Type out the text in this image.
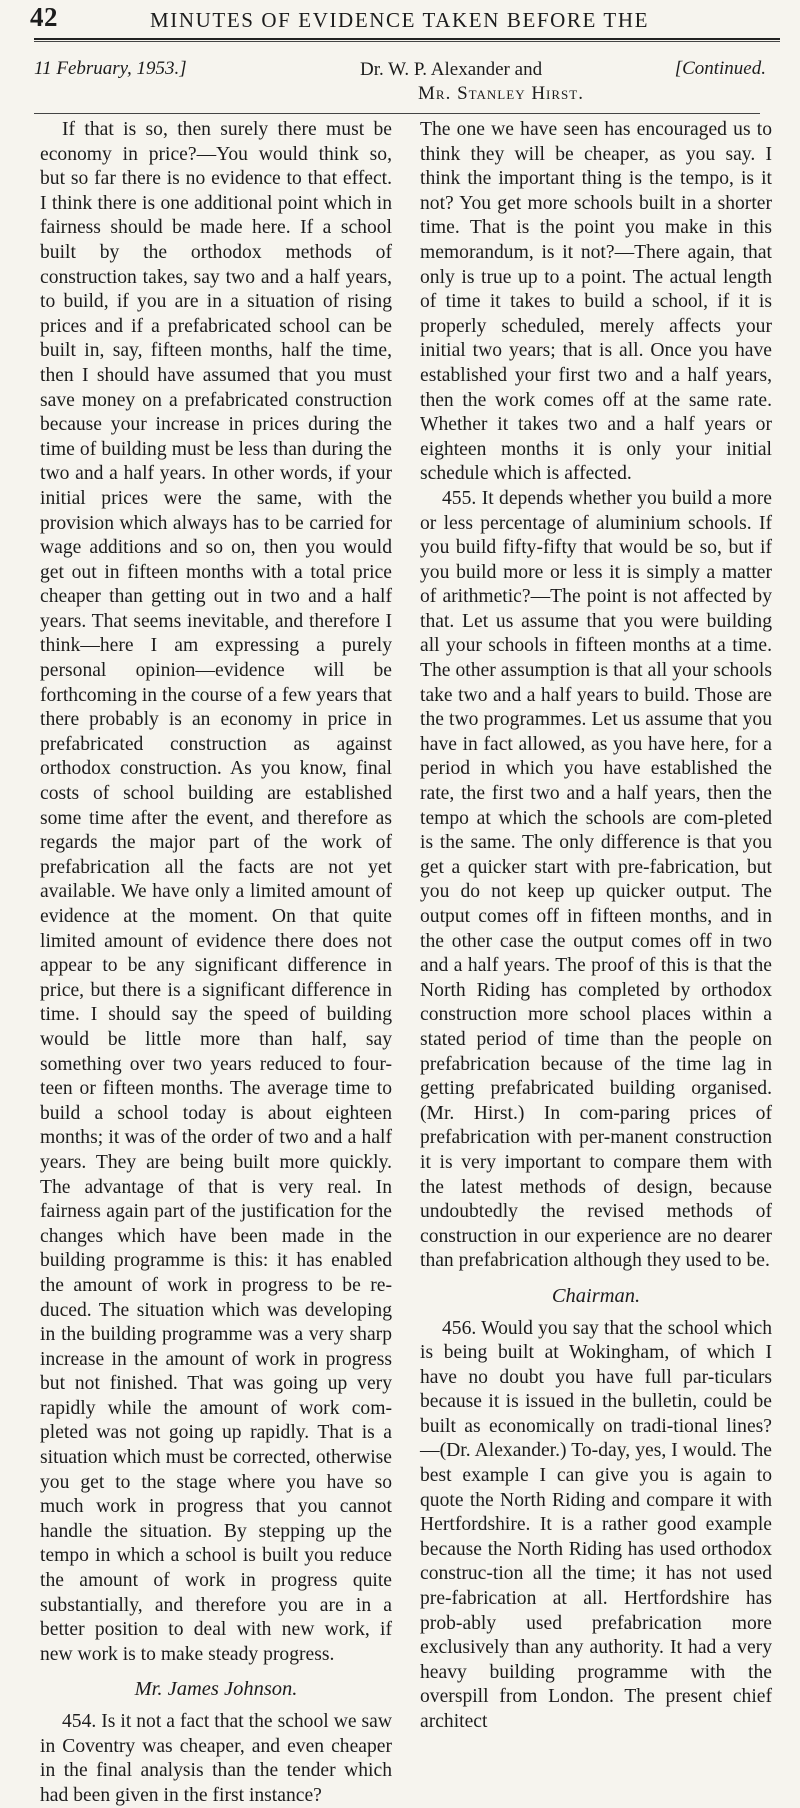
42	MINUTES OF EVIDENCE TAKEN BEFORE THE
11 February, 1953.]	Dr. W. P. Alexander and
Mr. Stanley Hirst.
[Continued.

If that is so, then surely there must be economy in price?—You would think so, but so far there is no evidence to that effect. I think there is one additional point which in fairness should be made here. If a school built by the orthodox methods of construction takes, say two and a half years, to build, if you are in a situation of rising prices and if a prefabricated school can be built in, say, fifteen months, half the time, then I should have assumed that you must save money on a prefabricated construction because your increase in prices during the time of building must be less than during the two and a half years. In other words, if your initial prices were the same, with the provision which always has to be carried for wage additions and so on, then you would get out in fifteen months with a total price cheaper than getting out in two and a half years. That seems inevitable, and therefore I think—here I am expressing a purely personal opinion—evidence will be forthcoming in the course of a few years that there probably is an economy in price in prefabricated construction as against orthodox construction. As you know, final costs of school building are established some time after the event, and therefore as regards the major part of the work of prefabrication all the facts are not yet available. We have only a limited amount of evidence at the moment. On that quite limited amount of evidence there does not appear to be any significant difference in price, but there is a significant difference in time. I should say the speed of building would be little more than half, say something over two years reduced to four-teen or fifteen months. The average time to build a school today is about eighteen months; it was of the order of two and a half years. They are being built more quickly. The advantage of that is very real. In fairness again part of the justification for the changes which have been made in the building programme is this: it has enabled the amount of work in progress to be re-duced. The situation which was developing in the building programme was a very sharp increase in the amount of work in progress but not finished. That was going up very rapidly while the amount of work com-pleted was not going up rapidly. That is a situation which must be corrected, otherwise you get to the stage where you have so much work in progress that you cannot handle the situation. By stepping up the tempo in which a school is built you reduce the amount of work in progress quite substantially, and therefore you are in a better position to deal with new work, if new work is to make steady progress.

Mr. James Johnson.

454. Is it not a fact that the school we saw in Coventry was cheaper, and even cheaper in the final analysis than the tender which had been given in the first instance?

The one we have seen has encouraged us to think they will be cheaper, as you say. I think the important thing is the tempo, is it not? You get more schools built in a shorter time. That is the point you make in this memorandum, is it not?—There again, that only is true up to a point. The actual length of time it takes to build a school, if it is properly scheduled, merely affects your initial two years; that is all. Once you have established your first two and a half years, then the work comes off at the same rate. Whether it takes two and a half years or eighteen months it is only your initial schedule which is affected.

455. It depends whether you build a more or less percentage of aluminium schools. If you build fifty-fifty that would be so, but if you build more or less it is simply a matter of arithmetic?—The point is not affected by that. Let us assume that you were building all your schools in fifteen months at a time. The other assumption is that all your schools take two and a half years to build. Those are the two programmes. Let us assume that you have in fact allowed, as you have here, for a period in which you have established the rate, the first two and a half years, then the tempo at which the schools are com-pleted is the same. The only difference is that you get a quicker start with pre-fabrication, but you do not keep up quicker output. The output comes off in fifteen months, and in the other case the output comes off in two and a half years. The proof of this is that the North Riding has completed by orthodox construction more school places within a stated period of time than the people on prefabrication because of the time lag in getting prefabricated building organised. (Mr. Hirst.) In com-paring prices of prefabrication with per-manent construction it is very important to compare them with the latest methods of design, because undoubtedly the revised methods of construction in our experience are no dearer than prefabrication although they used to be.

Chairman.

456. Would you say that the school which is being built at Wokingham, of which I have no doubt you have full par-ticulars because it is issued in the bulletin, could be built as economically on tradi-tional lines?—(Dr. Alexander.) To-day, yes, I would. The best example I can give you is again to quote the North Riding and compare it with Hertfordshire. It is a rather good example because the North Riding has used orthodox construc-tion all the time; it has not used pre-fabrication at all. Hertfordshire has prob-ably used prefabrication more exclusively than any authority. It had a very heavy building programme with the overspill from London. The present chief architect
